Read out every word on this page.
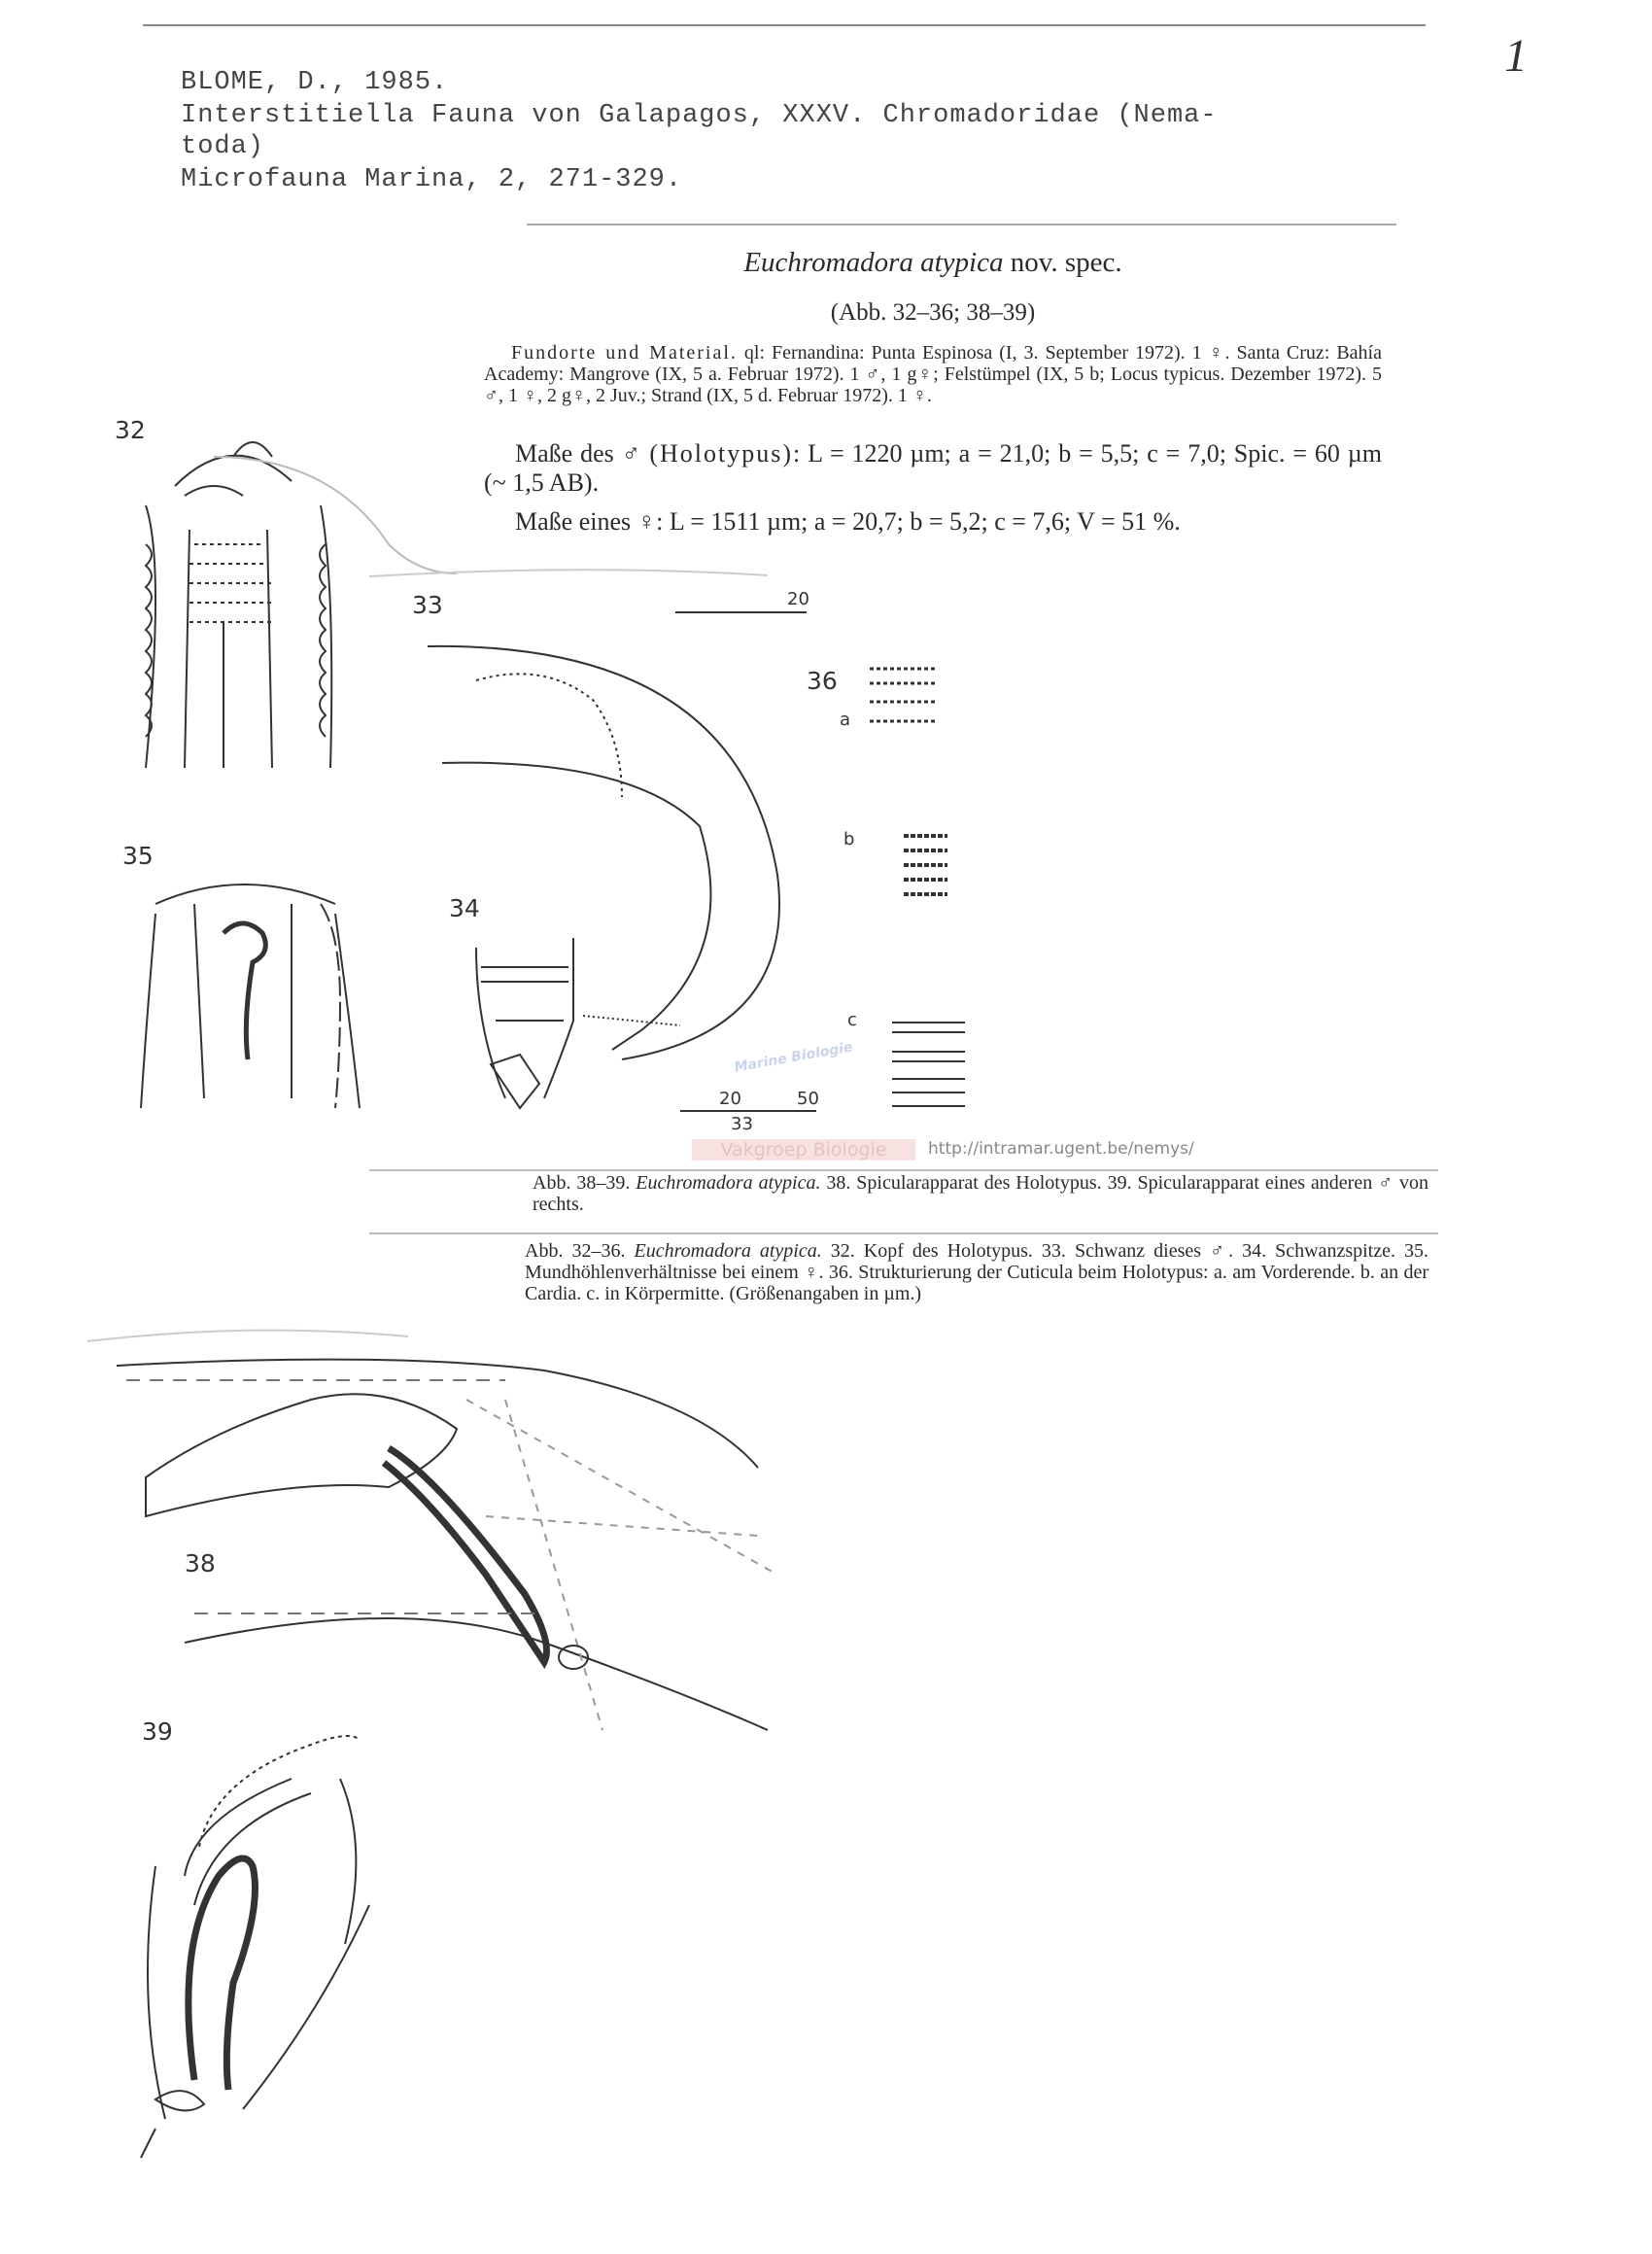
1
BLOME, D., 1985.
Interstitiella Fauna von Galapagos, XXXV. Chromadoridae (Nema-
toda)
Microfauna Marina, 2, 271-329.
Euchromadora atypica nov. spec.
(Abb. 32–36; 38–39)
Fundorte und Material. ql: Fernandina: Punta Espinosa (I, 3. September 1972). 1 ♀. Santa Cruz: Bahía Academy: Mangrove (IX, 5 a. Februar 1972). 1 ♂, 1 g♀; Felstümpel (IX, 5 b; Locus typicus. Dezember 1972). 5 ♂, 1 ♀, 2 g♀, 2 Juv.; Strand (IX, 5 d. Februar 1972). 1 ♀.
Maße des ♂ (Holotypus): L = 1220 µm; a = 21,0; b = 5,5; c = 7,0; Spic. = 60 µm (~ 1,5 AB).
Maße eines ♀: L = 1511 µm; a = 20,7; b = 5,2; c = 7,6; V = 51 %.
32
33
36
a
b
c
34
35
38
39
20
20	50
33
Marine Biologie
Vakgroep Biologie	http://intramar.ugent.be/nemys/
Abb. 38–39. Euchromadora atypica. 38. Spicularapparat des Holotypus. 39. Spicularapparat eines anderen ♂ von rechts.
Abb. 32–36. Euchromadora atypica. 32. Kopf des Holotypus. 33. Schwanz dieses ♂. 34. Schwanzspitze. 35. Mundhöhlenverhältnisse bei einem ♀. 36. Strukturierung der Cuticula beim Holotypus: a. am Vorderende. b. an der Cardia. c. in Körpermitte. (Größenangaben in µm.)
